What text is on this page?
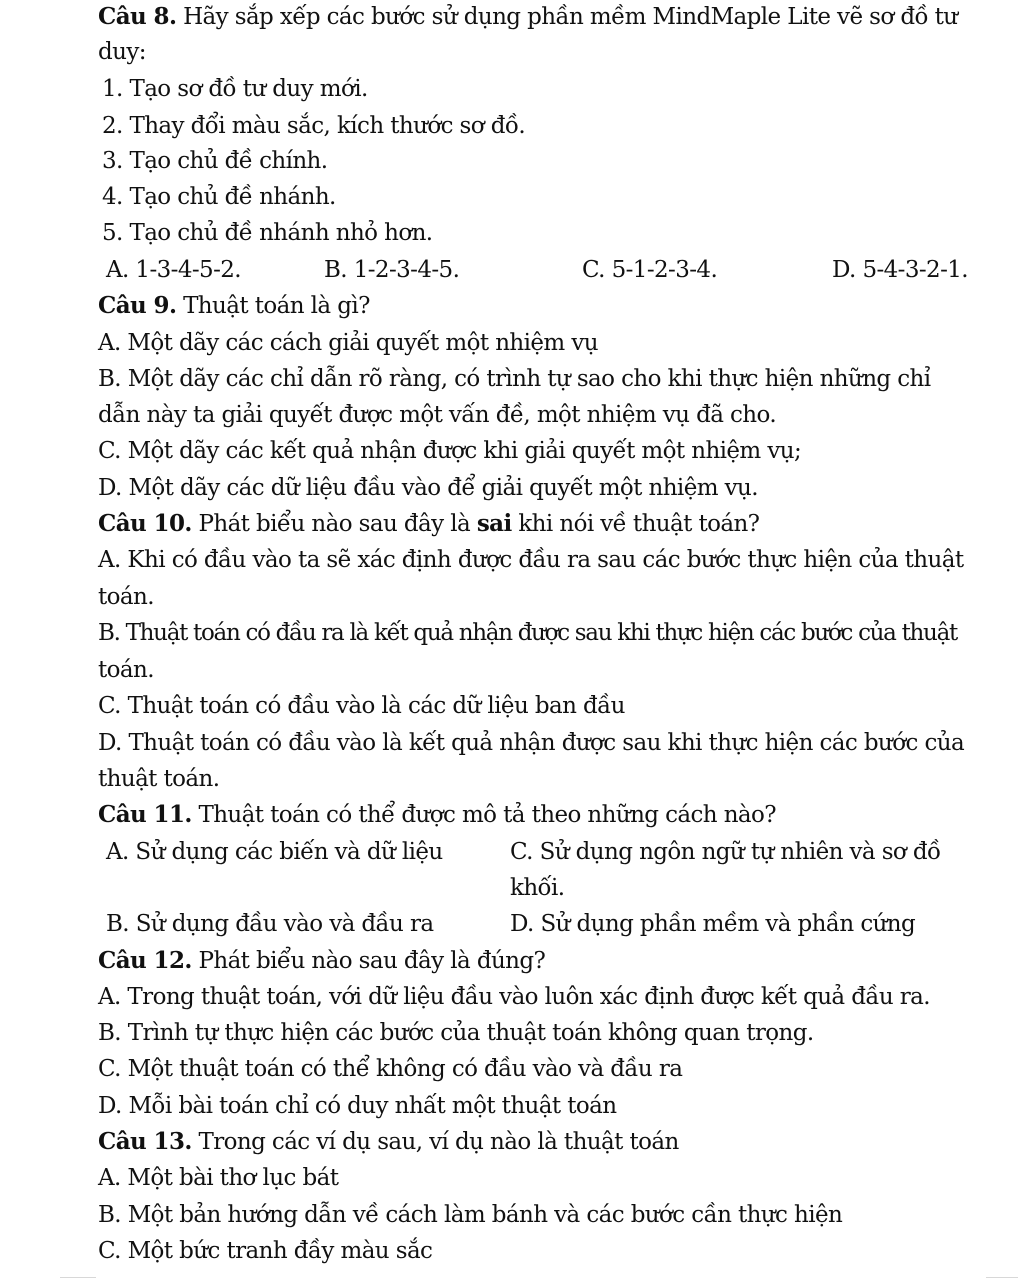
Câu 8. Hãy sắp xếp các bước sử dụng phần mềm MindMaple Lite vẽ sơ đồ tư
duy:
1. Tạo sơ đồ tư duy mới.
2. Thay đổi màu sắc, kích thước sơ đồ.
3. Tạo chủ đề chính.
4. Tạo chủ đề nhánh.
5. Tạo chủ đề nhánh nhỏ hơn.
A. 1-3-4-5-2.	B. 1-2-3-4-5.	C. 5-1-2-3-4.	D. 5-4-3-2-1.
Câu 9. Thuật toán là gì?
A. Một dãy các cách giải quyết một nhiệm vụ
B. Một dãy các chỉ dẫn rõ ràng, có trình tự sao cho khi thực hiện những chỉ
dẫn này ta giải quyết được một vấn đề, một nhiệm vụ đã cho.
C. Một dãy các kết quả nhận được khi giải quyết một nhiệm vụ;
D. Một dãy các dữ liệu đầu vào để giải quyết một nhiệm vụ.
Câu 10. Phát biểu nào sau đây là sai khi nói về thuật toán?
A. Khi có đầu vào ta sẽ xác định được đầu ra sau các bước thực hiện của thuật
toán.
B. Thuật toán có đầu ra là kết quả nhận được sau khi thực hiện các bước của thuật
toán.
C. Thuật toán có đầu vào là các dữ liệu ban đầu
D. Thuật toán có đầu vào là kết quả nhận được sau khi thực hiện các bước của
thuật toán.
Câu 11. Thuật toán có thể được mô tả theo những cách nào?
A. Sử dụng các biến và dữ liệu	C. Sử dụng ngôn ngữ tự nhiên và sơ đồ
khối.
B. Sử dụng đầu vào và đầu ra	D. Sử dụng phần mềm và phần cứng
Câu 12. Phát biểu nào sau đây là đúng?
A. Trong thuật toán, với dữ liệu đầu vào luôn xác định được kết quả đầu ra.
B. Trình tự thực hiện các bước của thuật toán không quan trọng.
C. Một thuật toán có thể không có đầu vào và đầu ra
D. Mỗi bài toán chỉ có duy nhất một thuật toán
Câu 13. Trong các ví dụ sau, ví dụ nào là thuật toán
A. Một bài thơ lục bát
B. Một bản hướng dẫn về cách làm bánh và các bước cần thực hiện
C. Một bức tranh đầy màu sắc
